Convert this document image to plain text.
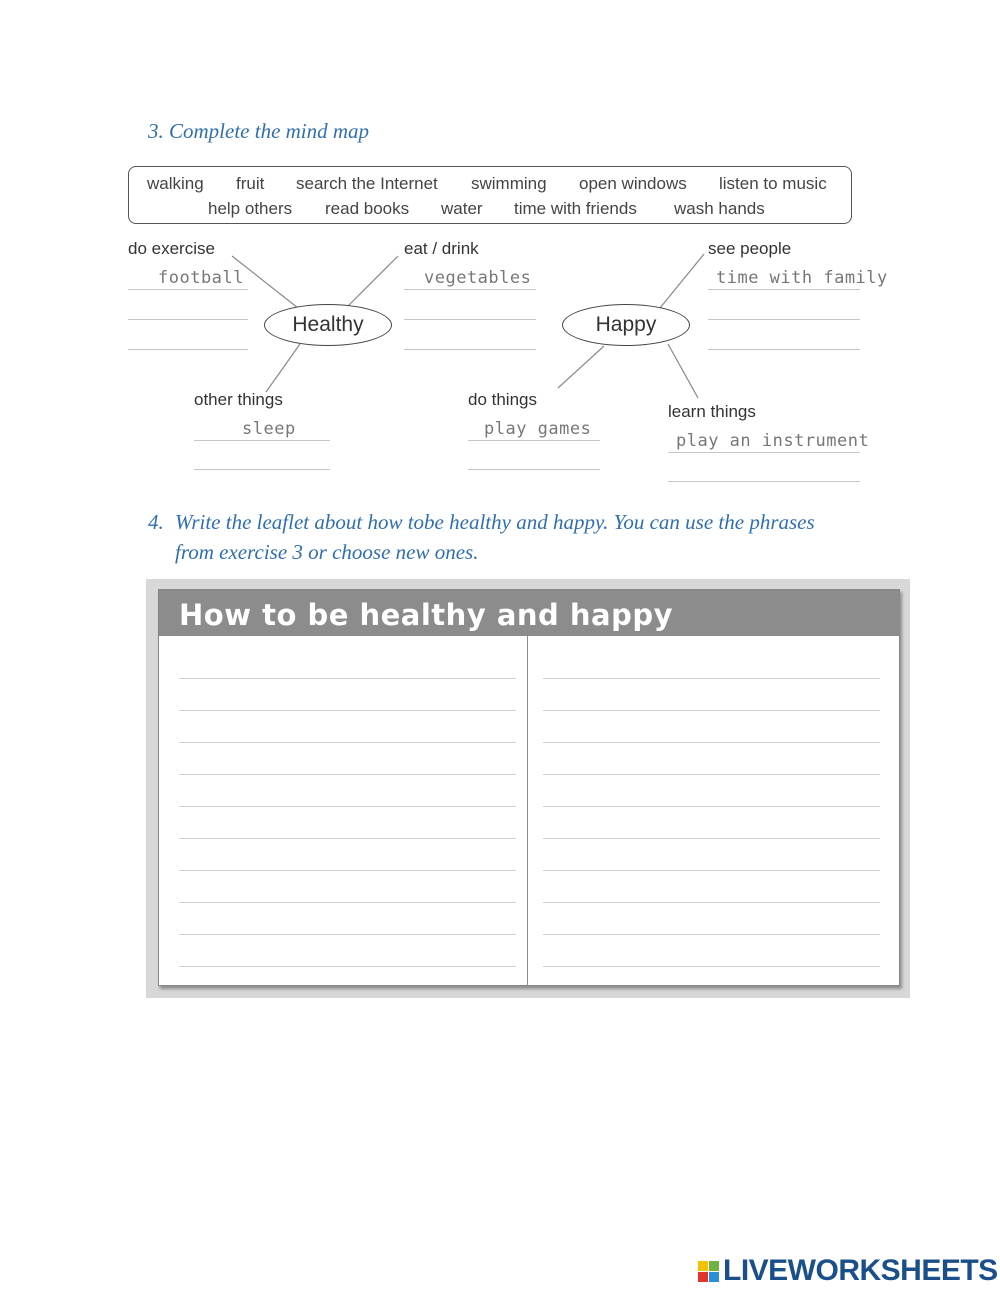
3. Complete the mind map
walking fruit search the Internet swimming open windows listen to music
help others read books water time with friends wash hands
do exercise
football
eat / drink
vegetables
Healthy
other things
sleep
see people
time with family
Happy
do things
play games
learn things
play an instrument
4. Write the leaflet about how tobe healthy and happy. You can use the phrases
from exercise 3 or choose new ones.
How to be healthy and happy
LIVEWORKSHEETS
